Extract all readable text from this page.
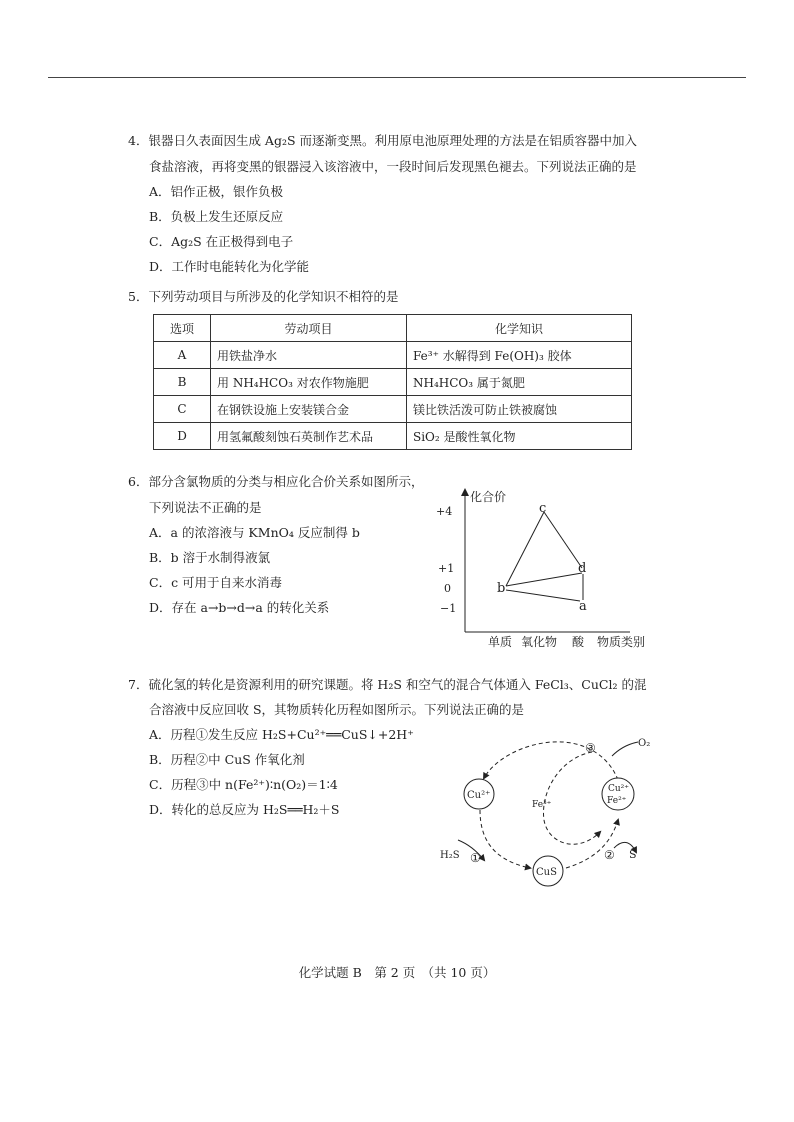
4．银器日久表面因生成 Ag₂S 而逐渐变黑。利用原电池原理处理的方法是在铝质容器中加入
食盐溶液，再将变黑的银器浸入该溶液中，一段时间后发现黑色褪去。下列说法正确的是
A．铝作正极，银作负极
B．负极上发生还原反应
C．Ag₂S 在正极得到电子
D．工作时电能转化为化学能
5．下列劳动项目与所涉及的化学知识不相符的是
选项	劳动项目	化学知识
A	用铁盐净水	Fe³⁺ 水解得到 Fe(OH)₃ 胶体
B	用 NH₄HCO₃ 对农作物施肥	NH₄HCO₃ 属于氮肥
C	在钢铁设施上安装镁合金	镁比铁活泼可防止铁被腐蚀
D	用氢氟酸刻蚀石英制作艺术品	SiO₂ 是酸性氧化物
6．部分含氯物质的分类与相应化合价关系如图所示，
下列说法不正确的是
A．a 的浓溶液与 KMnO₄ 反应制得 b
B．b 溶于水制得液氯
C．c 可用于自来水消毒
D．存在 a→b→d→a 的转化关系
化合价
+4
+1
0
−1
单质 氧化物 酸 物质类别
a
b
c
d
7．硫化氢的转化是资源利用的研究课题。将 H₂S 和空气的混合气体通入 FeCl₃、CuCl₂ 的混
合溶液中反应回收 S，其物质转化历程如图所示。下列说法正确的是
A．历程①发生反应 H₂S+Cu²⁺══CuS↓+2H⁺
B．历程②中 CuS 作氧化剂
C．历程③中 n(Fe²⁺)∶n(O₂)＝1∶4
D．转化的总反应为 H₂S══H₂＋S
Cu²⁺
Cu²⁺
Fe²⁺
CuS
Fe³⁺
O₂
H₂S	S
①	②
③
化学试题 B　第 2 页　（共 10 页）
